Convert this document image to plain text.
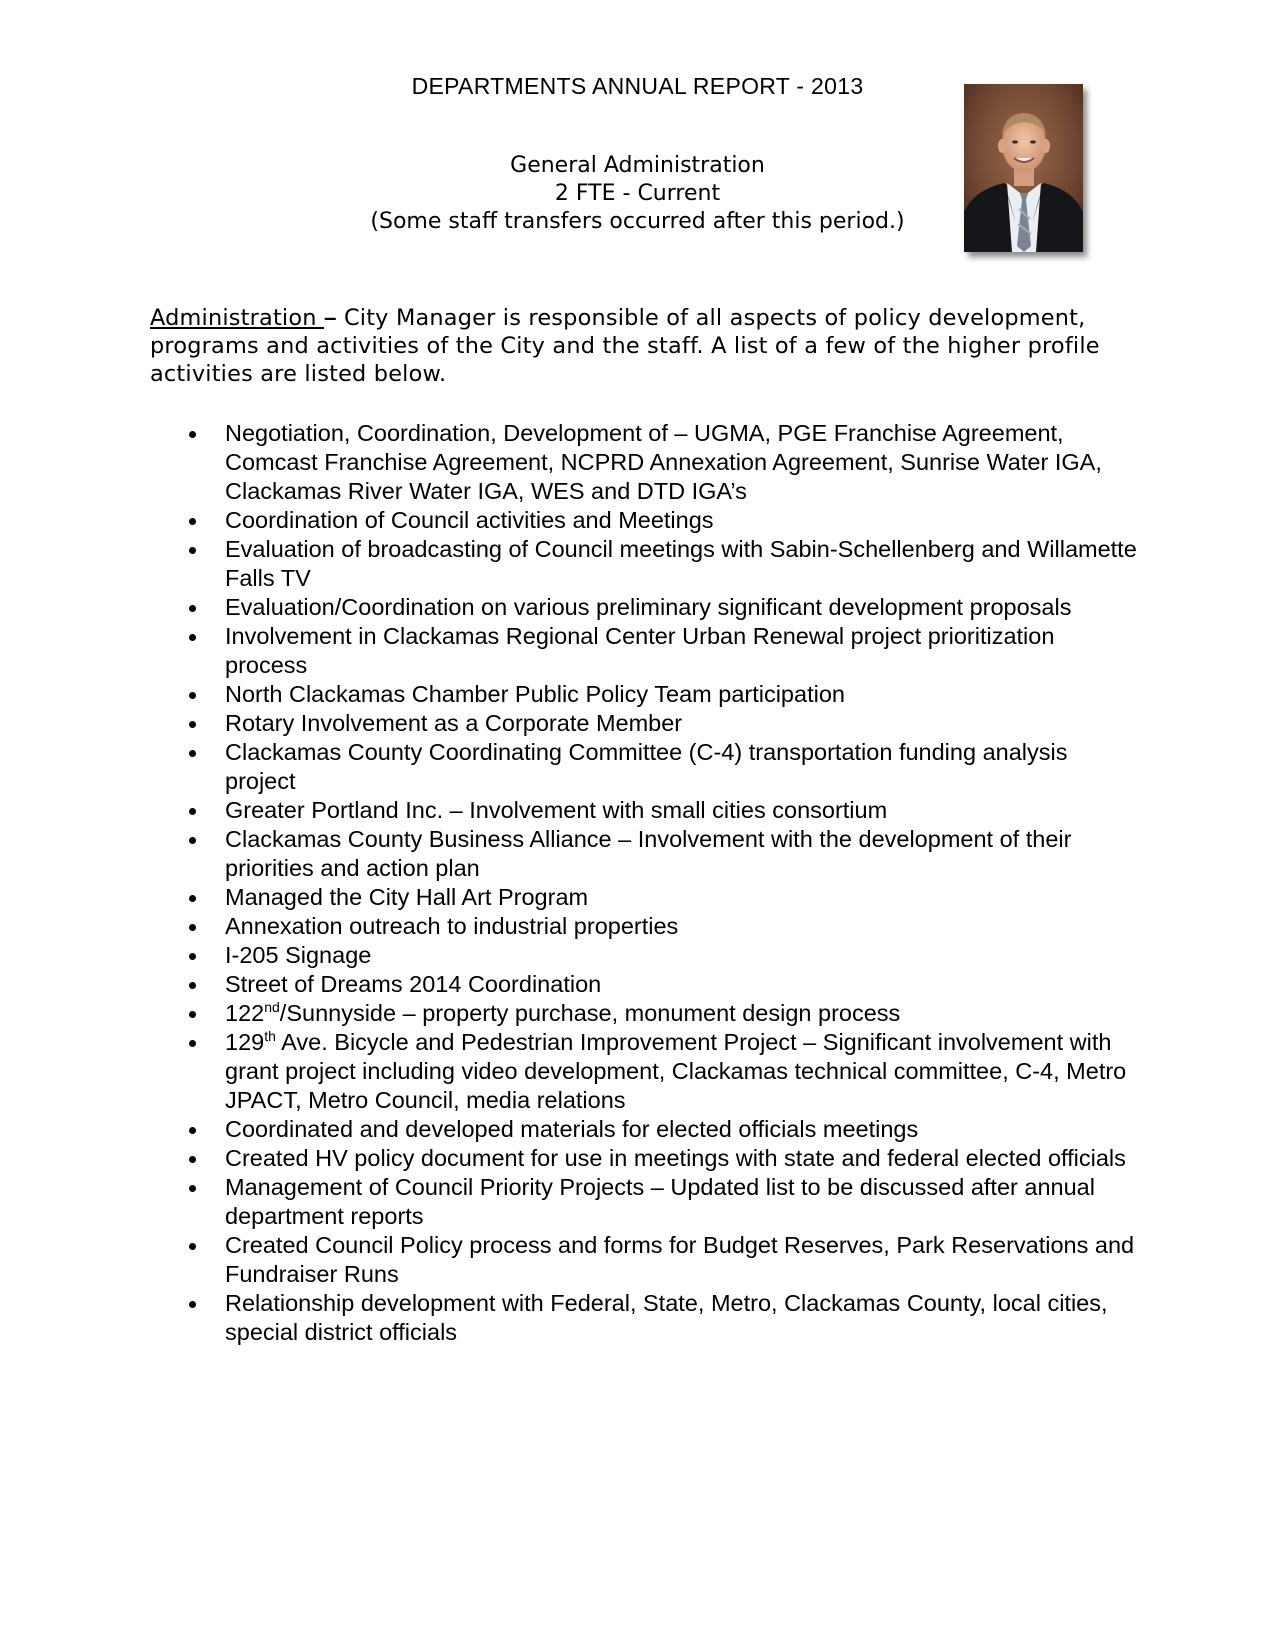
DEPARTMENTS ANNUAL REPORT - 2013
General Administration
2 FTE - Current
(Some staff transfers occurred after this period.)

Administration – City Manager is responsible of all aspects of policy development, programs and activities of the City and the staff. A list of a few of the higher profile activities are listed below.

Negotiation, Coordination, Development of – UGMA, PGE Franchise Agreement, Comcast Franchise Agreement, NCPRD Annexation Agreement, Sunrise Water IGA, Clackamas River Water IGA, WES and DTD IGA’s
Coordination of Council activities and Meetings
Evaluation of broadcasting of Council meetings with Sabin-Schellenberg and Willamette Falls TV
Evaluation/Coordination on various preliminary significant development proposals
Involvement in Clackamas Regional Center Urban Renewal project prioritization process
North Clackamas Chamber Public Policy Team participation
Rotary Involvement as a Corporate Member
Clackamas County Coordinating Committee (C-4) transportation funding analysis project
Greater Portland Inc. – Involvement with small cities consortium
Clackamas County Business Alliance – Involvement with the development of their priorities and action plan
Managed the City Hall Art Program
Annexation outreach to industrial properties
I-205 Signage
Street of Dreams 2014 Coordination
122nd/Sunnyside – property purchase, monument design process
129th Ave. Bicycle and Pedestrian Improvement Project – Significant involvement with grant project including video development, Clackamas technical committee, C-4, Metro JPACT, Metro Council, media relations
Coordinated and developed materials for elected officials meetings
Created HV policy document for use in meetings with state and federal elected officials
Management of Council Priority Projects – Updated list to be discussed after annual department reports
Created Council Policy process and forms for Budget Reserves, Park Reservations and Fundraiser Runs
Relationship development with Federal, State, Metro, Clackamas County, local cities, special district officials
